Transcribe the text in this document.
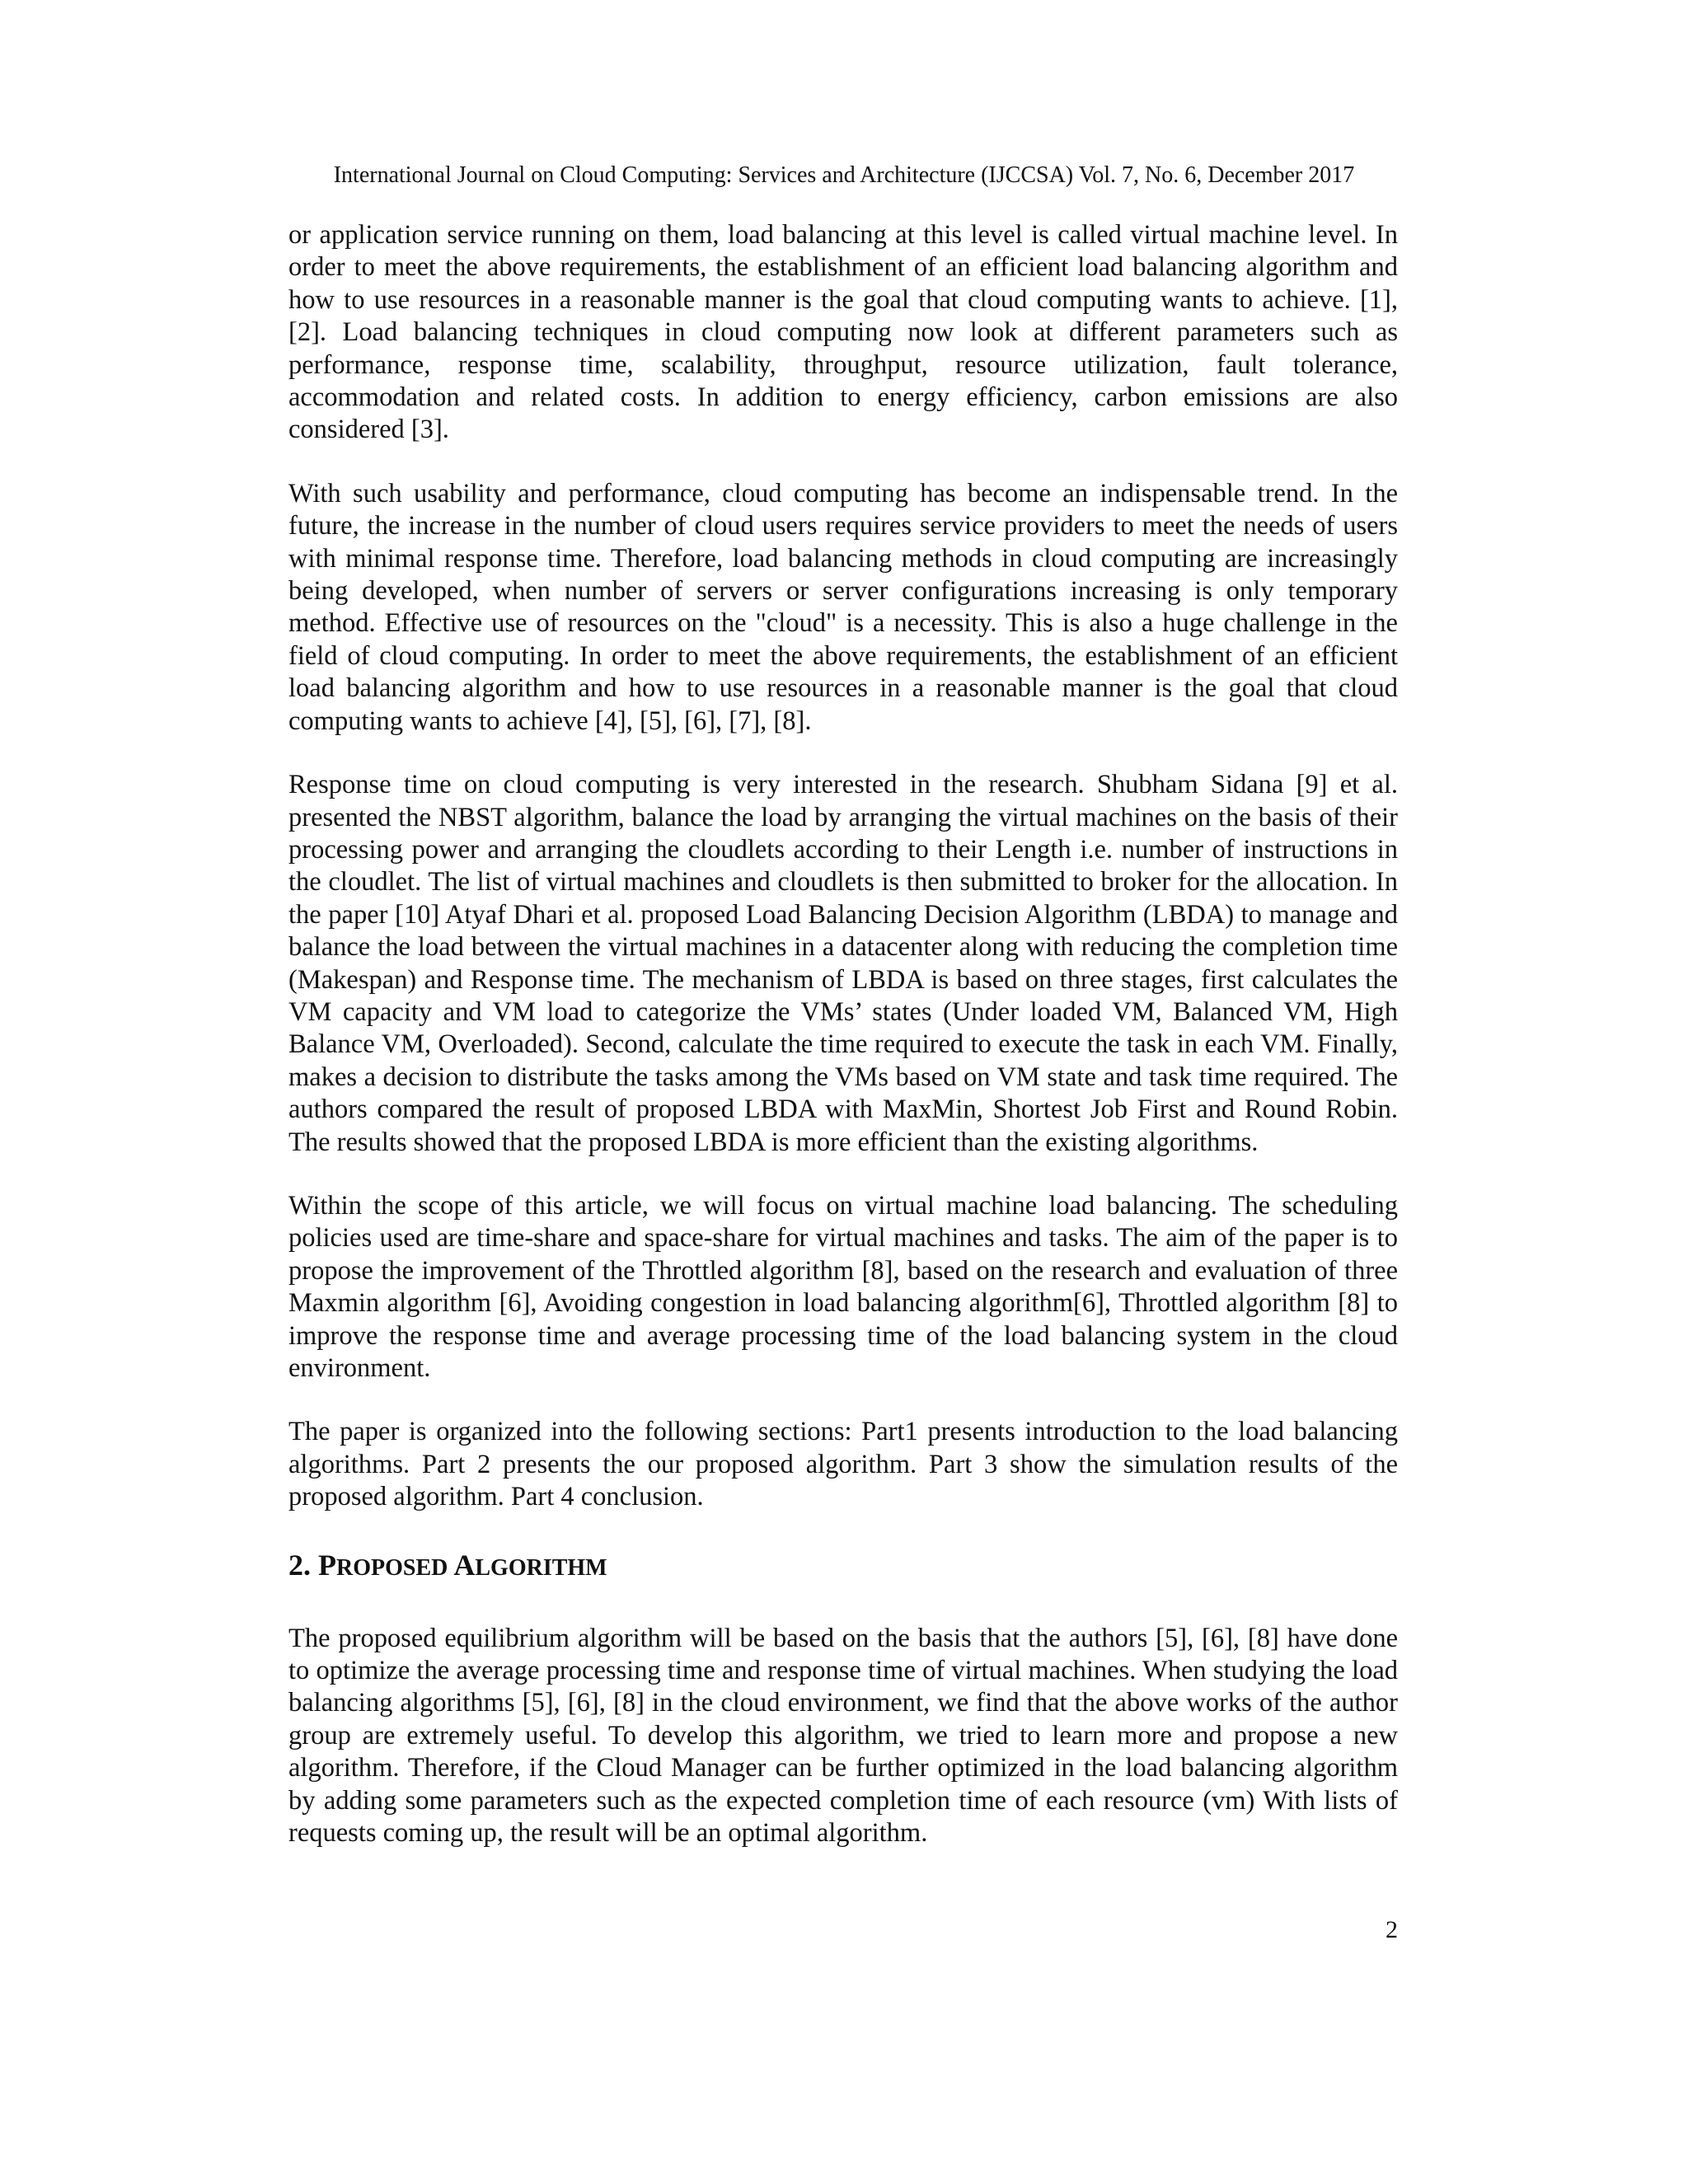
International Journal on Cloud Computing: Services and Architecture (IJCCSA) Vol. 7, No. 6, December 2017

or application service running on them, load balancing at this level is called virtual machine level. In order to meet the above requirements, the establishment of an efficient load balancing algorithm and how to use resources in a reasonable manner is the goal that cloud computing wants to achieve. [1], [2]. Load balancing techniques in cloud computing now look at different parameters such as performance, response time, scalability, throughput, resource utilization, fault tolerance, accommodation and related costs. In addition to energy efficiency, carbon emissions are also considered [3].

With such usability and performance, cloud computing has become an indispensable trend. In the future, the increase in the number of cloud users requires service providers to meet the needs of users with minimal response time. Therefore, load balancing methods in cloud computing are increasingly being developed, when number of servers or server configurations increasing is only temporary method. Effective use of resources on the "cloud" is a necessity. This is also a huge challenge in the field of cloud computing. In order to meet the above requirements, the establishment of an efficient load balancing algorithm and how to use resources in a reasonable manner is the goal that cloud computing wants to achieve [4], [5], [6], [7], [8].

Response time on cloud computing is very interested in the research. Shubham Sidana [9] et al. presented the NBST algorithm, balance the load by arranging the virtual machines on the basis of their processing power and arranging the cloudlets according to their Length i.e. number of instructions in the cloudlet. The list of virtual machines and cloudlets is then submitted to broker for the allocation. In the paper [10] Atyaf Dhari et al. proposed Load Balancing Decision Algorithm (LBDA) to manage and balance the load between the virtual machines in a datacenter along with reducing the completion time (Makespan) and Response time. The mechanism of LBDA is based on three stages, first calculates the VM capacity and VM load to categorize the VMs’ states (Under loaded VM, Balanced VM, High Balance VM, Overloaded). Second, calculate the time required to execute the task in each VM. Finally, makes a decision to distribute the tasks among the VMs based on VM state and task time required. The authors compared the result of proposed LBDA with MaxMin, Shortest Job First and Round Robin. The results showed that the proposed LBDA is more efficient than the existing algorithms.

Within the scope of this article, we will focus on virtual machine load balancing. The scheduling policies used are time-share and space-share for virtual machines and tasks. The aim of the paper is to propose the improvement of the Throttled algorithm [8], based on the research and evaluation of three Maxmin algorithm [6], Avoiding congestion in load balancing algorithm[6], Throttled algorithm [8] to improve the response time and average processing time of the load balancing system in the cloud environment.

The paper is organized into the following sections: Part1 presents introduction to the load balancing algorithms. Part 2 presents the our proposed algorithm. Part 3 show the simulation results of the proposed algorithm. Part 4 conclusion.

2. PROPOSED ALGORITHM

The proposed equilibrium algorithm will be based on the basis that the authors [5], [6], [8] have done to optimize the average processing time and response time of virtual machines. When studying the load balancing algorithms [5], [6], [8] in the cloud environment, we find that the above works of the author group are extremely useful. To develop this algorithm, we tried to learn more and propose a new algorithm. Therefore, if the Cloud Manager can be further optimized in the load balancing algorithm by adding some parameters such as the expected completion time of each resource (vm) With lists of requests coming up, the result will be an optimal algorithm.

2
